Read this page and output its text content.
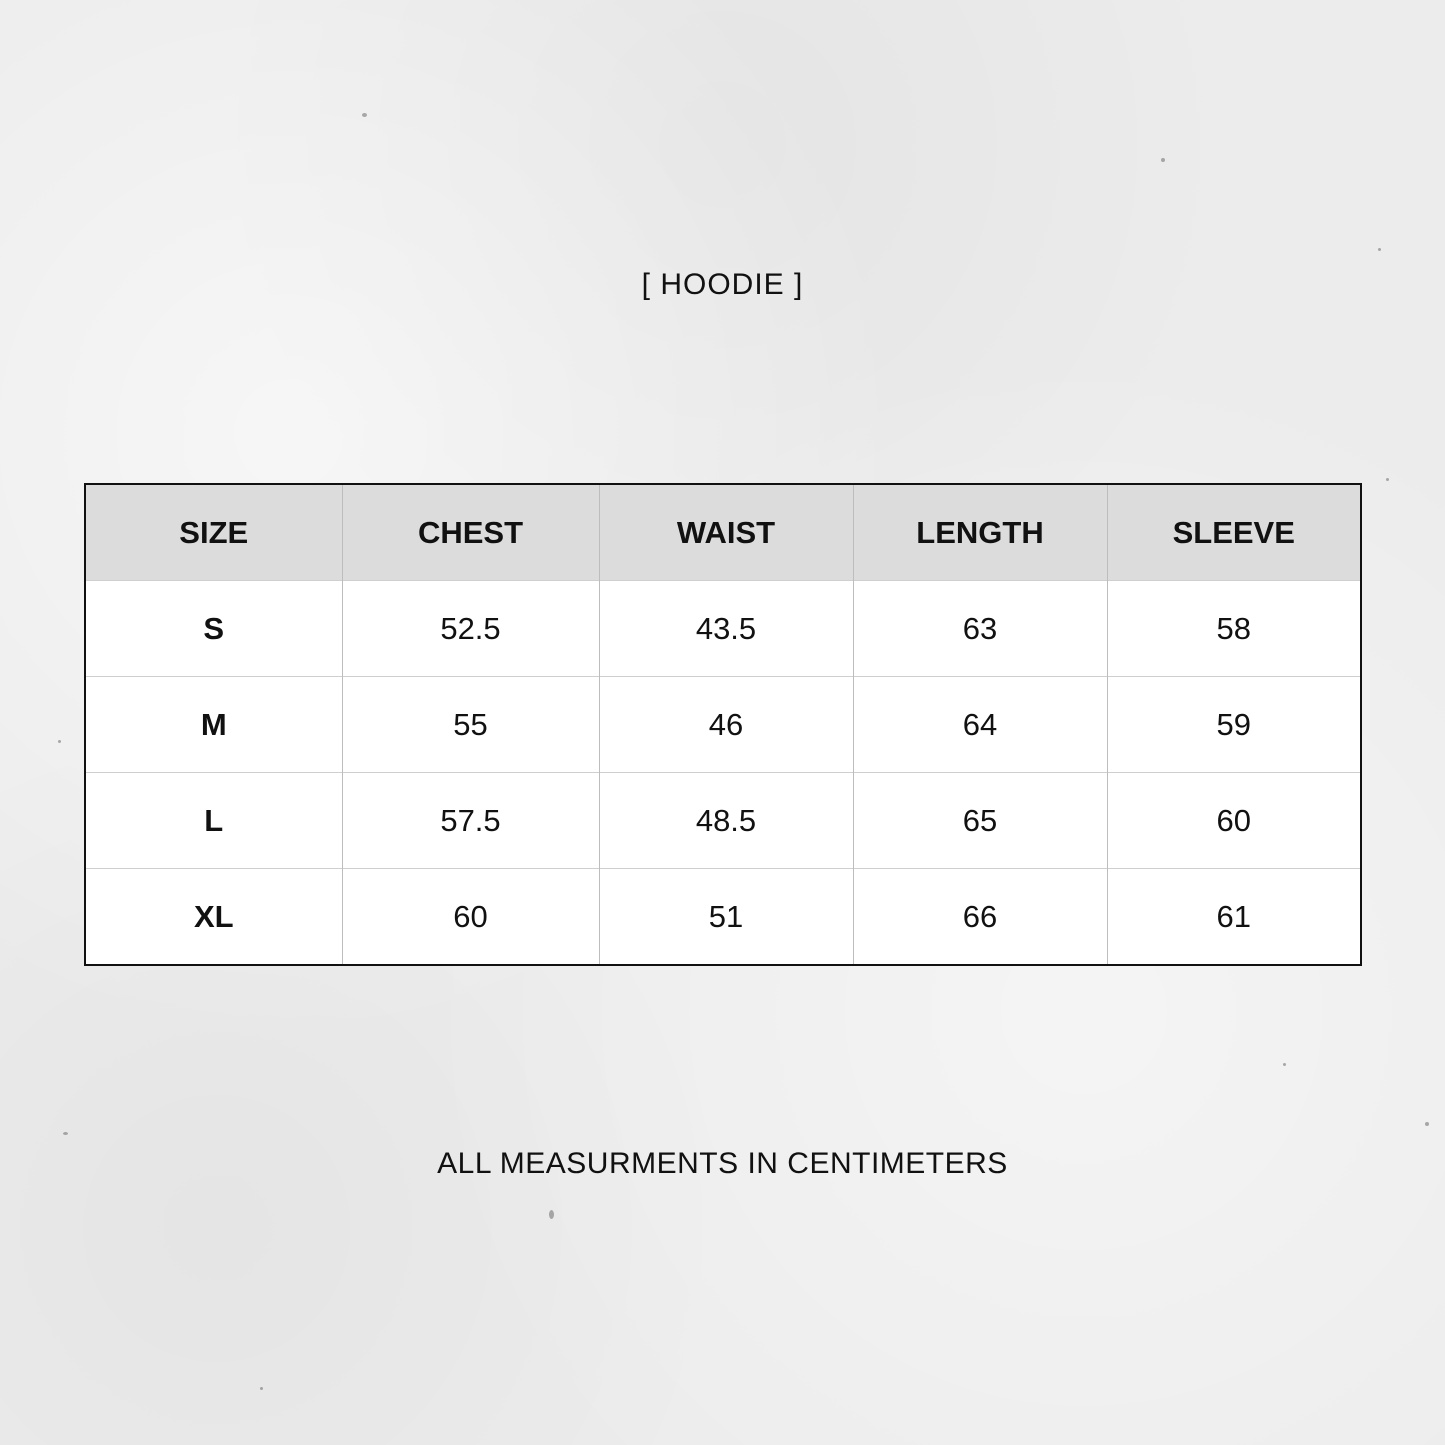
[ HOODIE ]
SIZE	CHEST	WAIST	LENGTH	SLEEVE
S	52.5	43.5	63	58
M	55	46	64	59
L	57.5	48.5	65	60
XL	60	51	66	61
ALL MEASURMENTS IN CENTIMETERS
